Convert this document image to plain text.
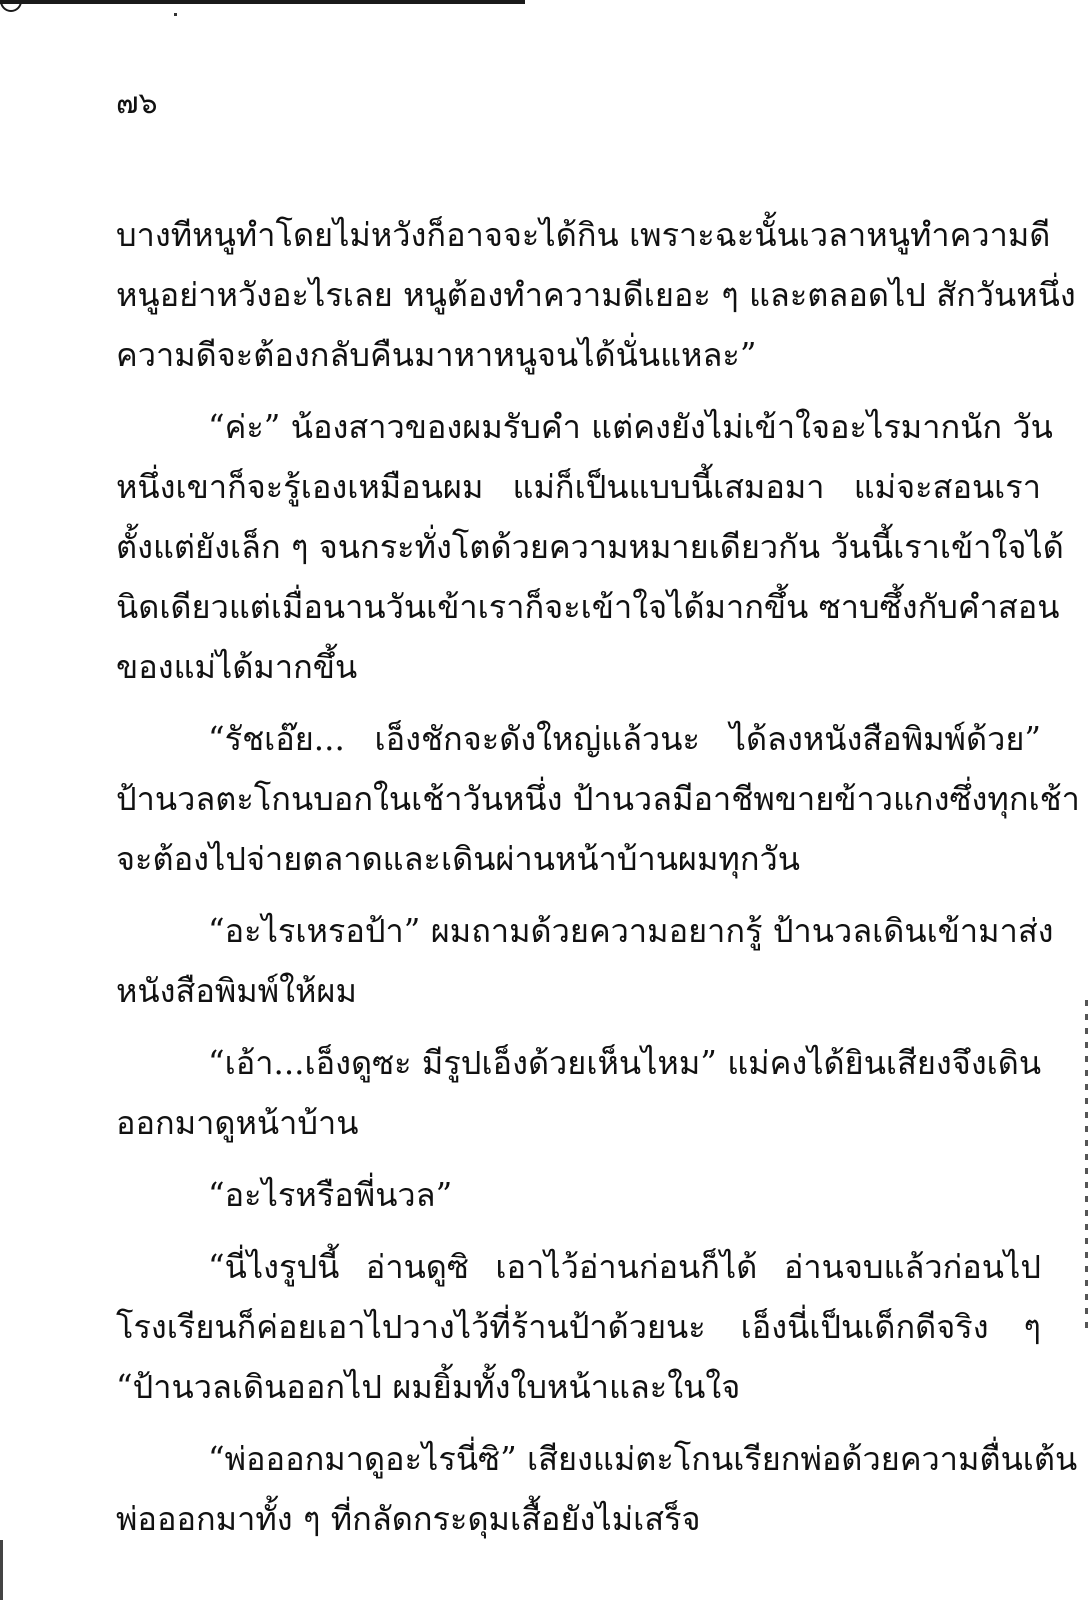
๗๖
บางทีหนูทำโดยไม่หวังก็อาจจะได้กิน เพราะฉะนั้นเวลาหนูทำความดี
หนูอย่าหวังอะไรเลย หนูต้องทำความดีเยอะ ๆ และตลอดไป สักวันหนึ่ง
ความดีจะต้องกลับคืนมาหาหนูจนได้นั่นแหละ”
“ค่ะ” น้องสาวของผมรับคำ แต่คงยังไม่เข้าใจอะไรมากนัก วัน
หนึ่งเขาก็จะรู้เองเหมือนผม แม่ก็เป็นแบบนี้เสมอมา แม่จะสอนเรา
ตั้งแต่ยังเล็ก ๆ จนกระทั่งโตด้วยความหมายเดียวกัน วันนี้เราเข้าใจได้
นิดเดียวแต่เมื่อนานวันเข้าเราก็จะเข้าใจได้มากขึ้น ซาบซึ้งกับคำสอน
ของแม่ได้มากขึ้น
“รัชเอ๊ย... เอ็งชักจะดังใหญ่แล้วนะ ได้ลงหนังสือพิมพ์ด้วย”
ป้านวลตะโกนบอกในเช้าวันหนึ่ง ป้านวลมีอาชีพขายข้าวแกงซึ่งทุกเช้า
จะต้องไปจ่ายตลาดและเดินผ่านหน้าบ้านผมทุกวัน
“อะไรเหรอป้า” ผมถามด้วยความอยากรู้ ป้านวลเดินเข้ามาส่ง
หนังสือพิมพ์ให้ผม
“เอ้า...เอ็งดูซะ มีรูปเอ็งด้วยเห็นไหม” แม่คงได้ยินเสียงจึงเดิน
ออกมาดูหน้าบ้าน
“อะไรหรือพี่นวล”
“นี่ไงรูปนี้ อ่านดูซิ เอาไว้อ่านก่อนก็ได้ อ่านจบแล้วก่อนไป
โรงเรียนก็ค่อยเอาไปวางไว้ที่ร้านป้าด้วยนะ เอ็งนี่เป็นเด็กดีจริง ๆ
“ป้านวลเดินออกไป ผมยิ้มทั้งใบหน้าและในใจ
“พ่อออกมาดูอะไรนี่ซิ” เสียงแม่ตะโกนเรียกพ่อด้วยความตื่นเต้น
พ่อออกมาทั้ง ๆ ที่กลัดกระดุมเสื้อยังไม่เสร็จ
